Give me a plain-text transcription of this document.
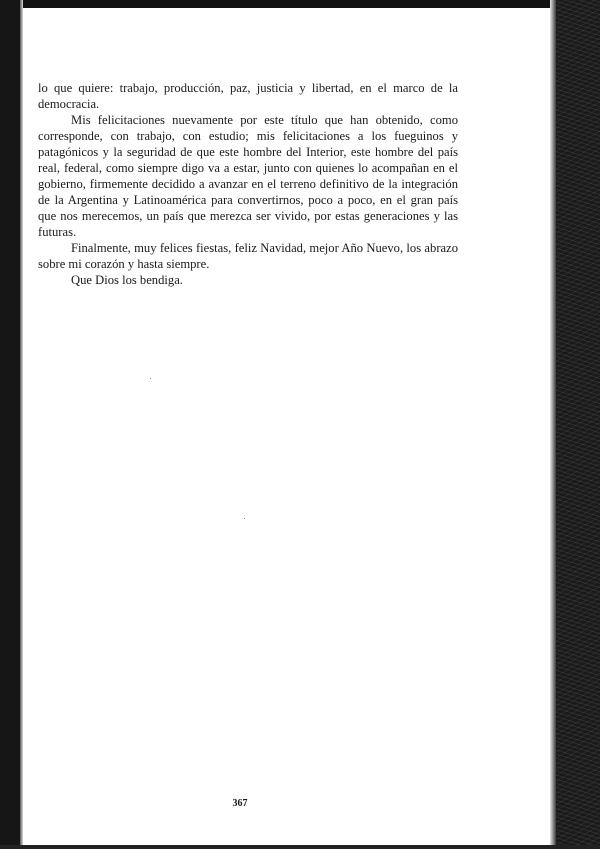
lo que quiere: trabajo, producción, paz, justicia y libertad, en el marco de la democracia.

Mis felicitaciones nuevamente por este título que han obtenido, como corresponde, con trabajo, con estudio; mis felicitaciones a los fueguinos y patagónicos y la seguridad de que este hombre del Interior, este hombre del país real, federal, como siempre digo va a estar, junto con quienes lo acompañan en el gobierno, firmemente decidido a avanzar en el terreno definitivo de la integración de la Argentina y Latinoamérica para convertirnos, poco a poco, en el gran país que nos merecemos, un país que merezca ser vivido, por estas generaciones y las futuras.

Finalmente, muy felices fiestas, feliz Navidad, mejor Año Nuevo, los abrazo sobre mi corazón y hasta siempre.

Que Dios los bendiga.

367
